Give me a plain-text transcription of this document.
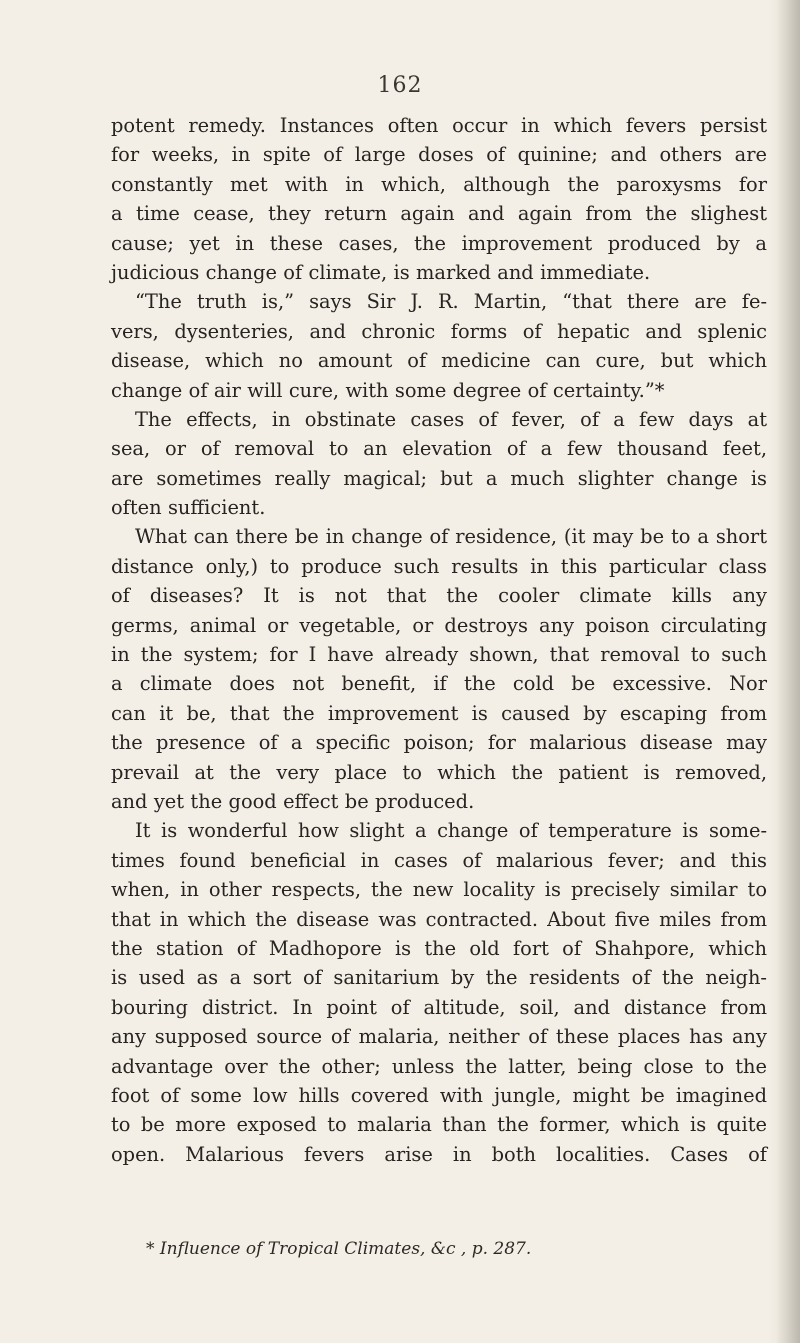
162
potent remedy. Instances often occur in which fevers persist
for weeks, in spite of large doses of quinine; and others are
constantly met with in which, although the paroxysms for
a time cease, they return again and again from the slighest
cause; yet in these cases, the improvement produced by a
judicious change of climate, is marked and immediate.
“The truth is,” says Sir J. R. Martin, “that there are fe-
vers, dysenteries, and chronic forms of hepatic and splenic
disease, which no amount of medicine can cure, but which
change of air will cure, with some degree of certainty.”*
The effects, in obstinate cases of fever, of a few days at
sea, or of removal to an elevation of a few thousand feet,
are sometimes really magical; but a much slighter change is
often sufficient.
What can there be in change of residence, (it may be to a short
distance only,) to produce such results in this particular class
of diseases? It is not that the cooler climate kills any
germs, animal or vegetable, or destroys any poison circulating
in the system; for I have already shown, that removal to such
a climate does not benefit, if the cold be excessive. Nor
can it be, that the improvement is caused by escaping from
the presence of a specific poison; for malarious disease may
prevail at the very place to which the patient is removed,
and yet the good effect be produced.
It is wonderful how slight a change of temperature is some-
times found beneficial in cases of malarious fever; and this
when, in other respects, the new locality is precisely similar to
that in which the disease was contracted. About five miles from
the station of Madhopore is the old fort of Shahpore, which
is used as a sort of sanitarium by the residents of the neigh-
bouring district. In point of altitude, soil, and distance from
any supposed source of malaria, neither of these places has any
advantage over the other; unless the latter, being close to the
foot of some low hills covered with jungle, might be imagined
to be more exposed to malaria than the former, which is quite
open. Malarious fevers arise in both localities. Cases of
* Influence of Tropical Climates, &c , p. 287.
